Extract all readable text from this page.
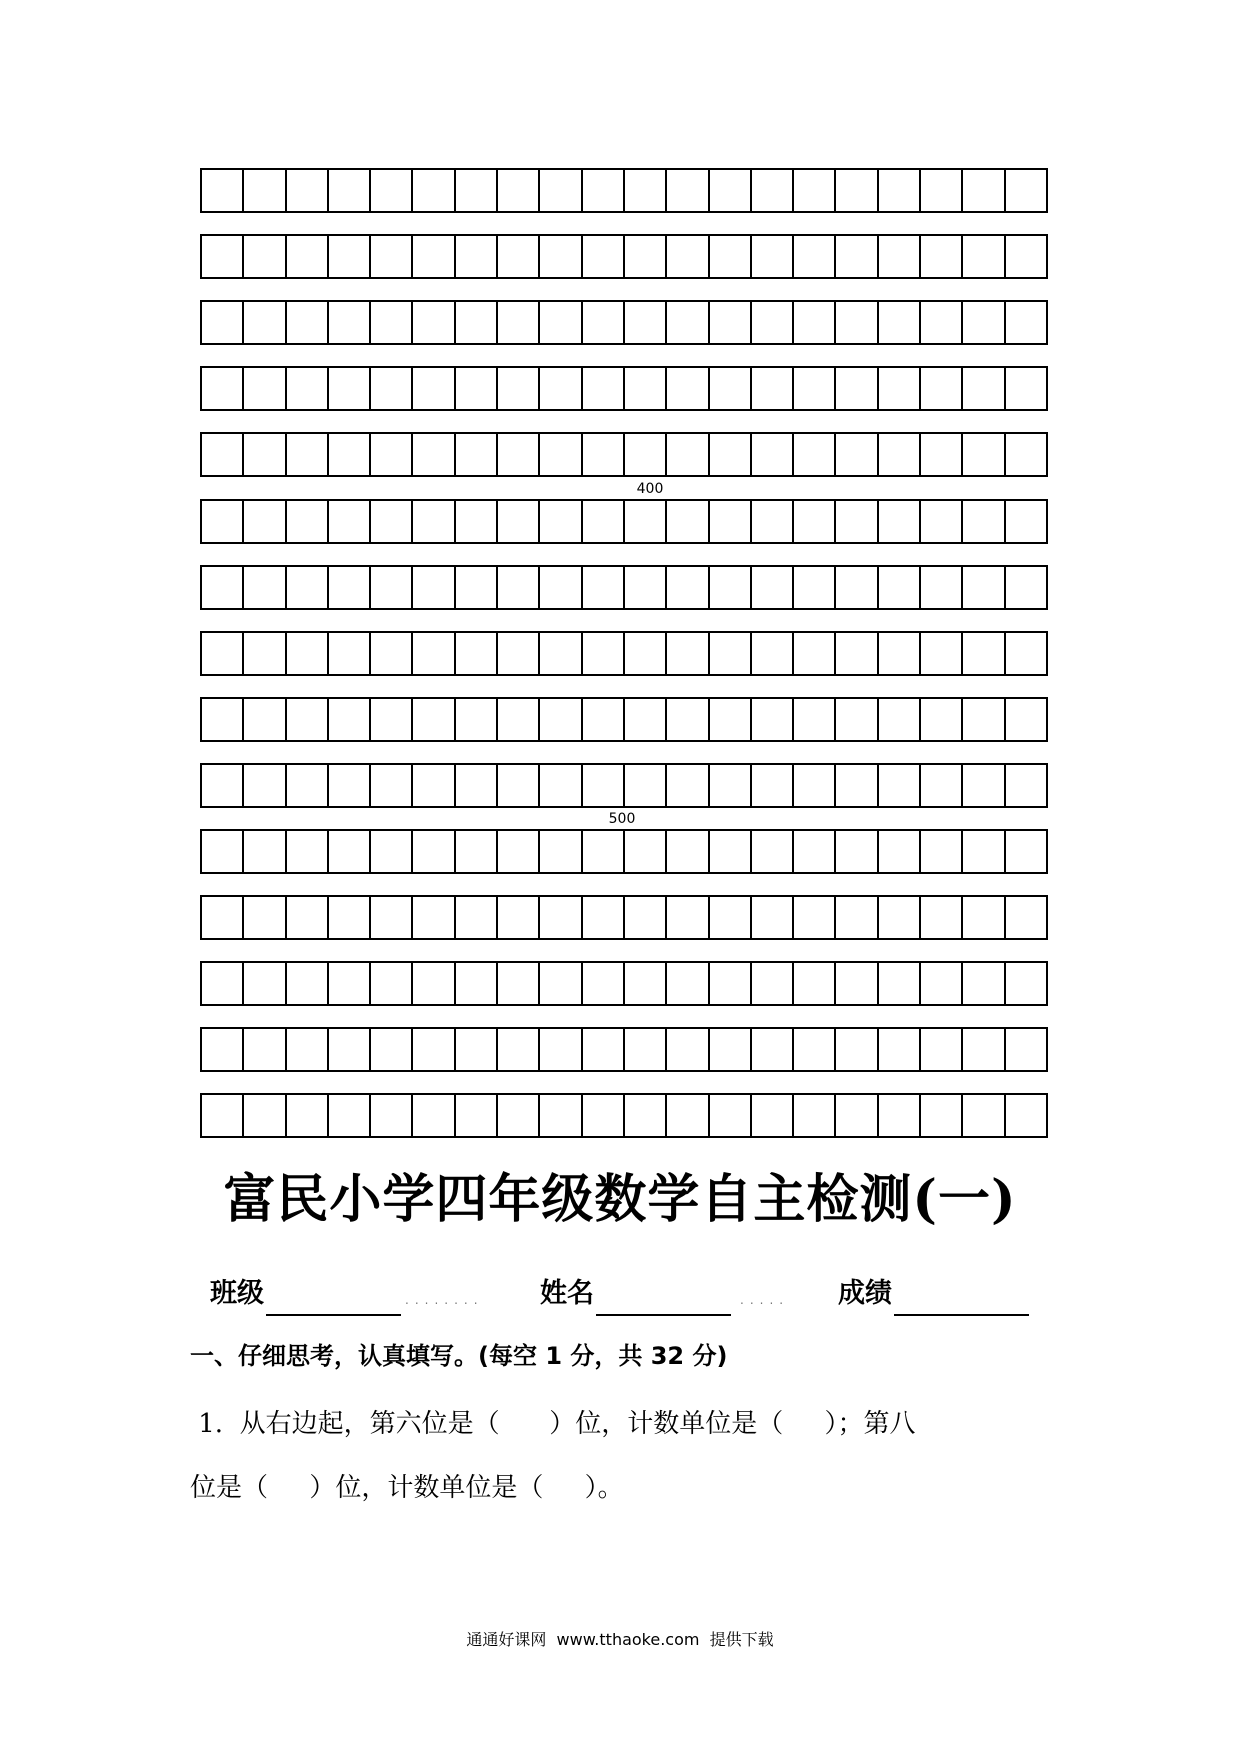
400
500
富民小学四年级数学自主检测(一)
班级	........ 姓名	..... 成绩
一、仔细思考，认真填写。(每空 1 分，共 32 分)
1.  从右边起，第六位是（      ）位，计数单位是（     ）；第八
位是（     ）位，计数单位是（     ）。
通通好课网  www.tthaoke.com  提供下载
